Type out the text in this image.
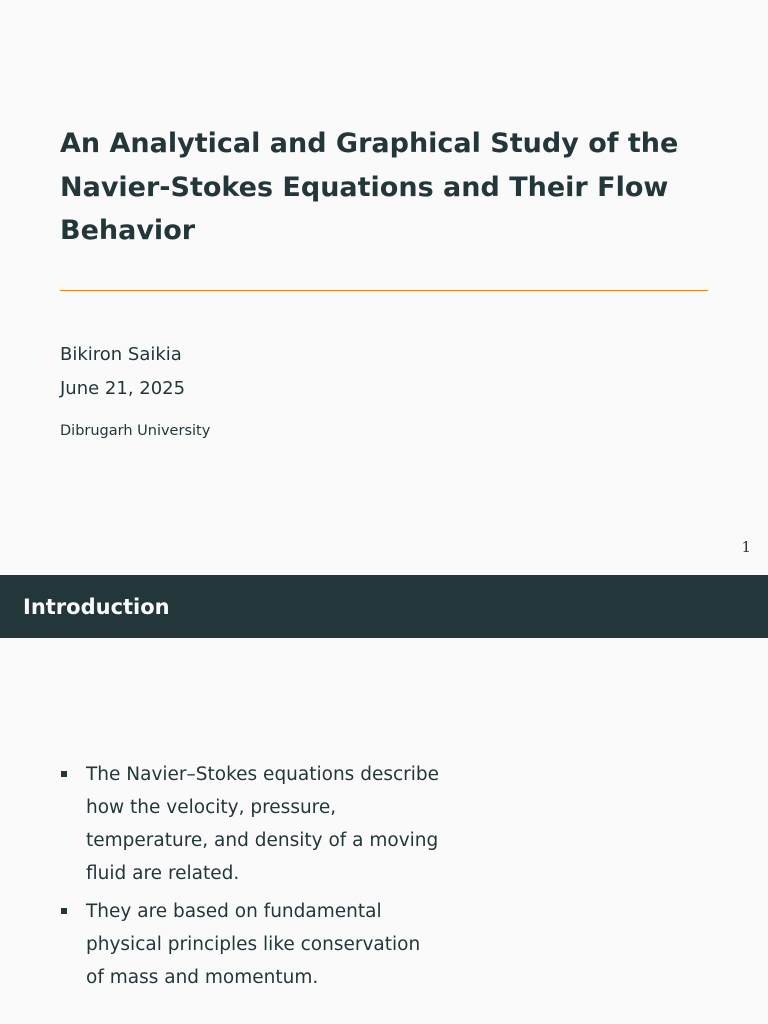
An Analytical and Graphical Study of the Navier-Stokes Equations and Their Flow Behavior
Bikiron Saikia
June 21, 2025
Dibrugarh University
1
Introduction
The Navier–Stokes equations describe how the velocity, pressure, temperature, and density of a moving fluid are related.
They are based on fundamental physical principles like conservation of mass and momentum.
